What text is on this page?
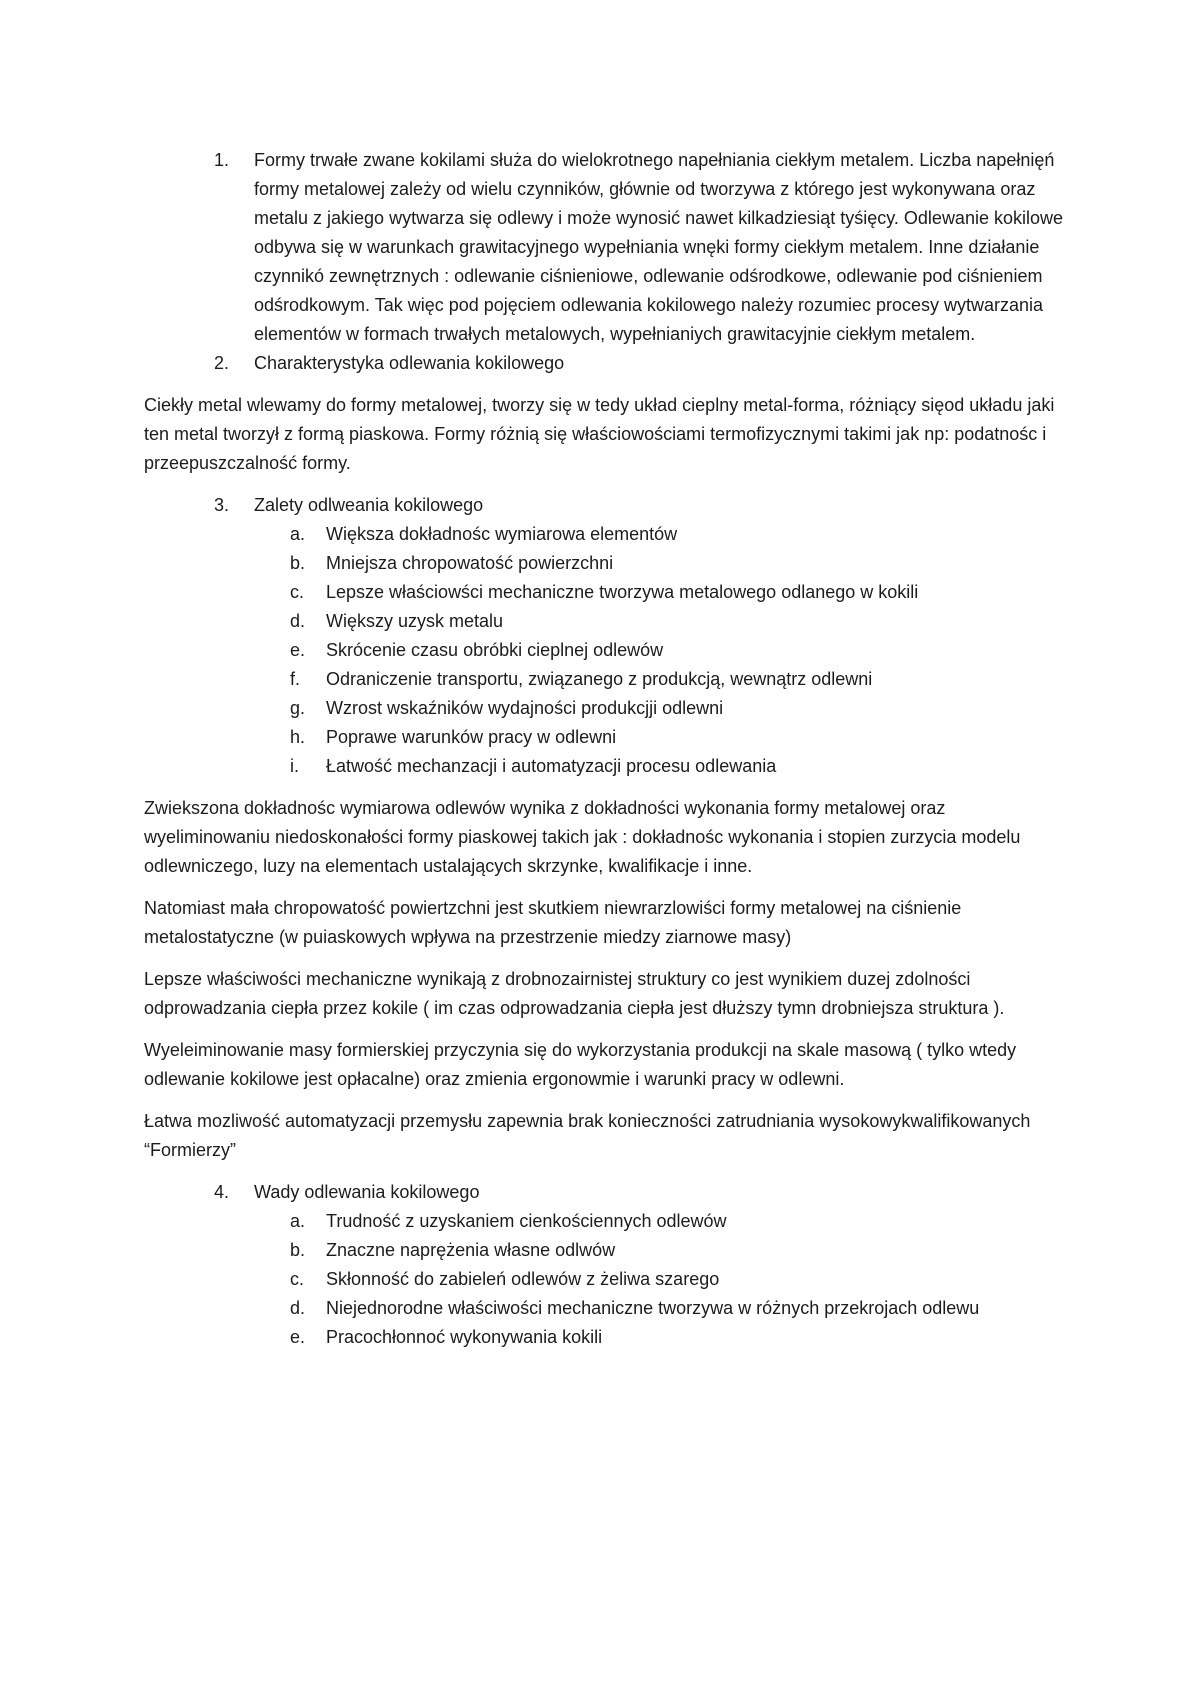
1. Formy trwałe zwane kokilami służa do wielokrotnego napełniania ciekłym metalem. Liczba napełnięń formy metalowej zależy od wielu czynników, głównie od tworzywa z którego jest wykonywana oraz metalu z jakiego wytwarza się odlewy i może wynosić nawet kilkadziesiąt tyśięcy. Odlewanie kokilowe odbywa się w warunkach grawitacyjnego wypełniania wnęki formy ciekłym metalem. Inne działanie czynnikó zewnętrznych : odlewanie ciśnieniowe, odlewanie odśrodkowe, odlewanie pod ciśnieniem odśrodkowym. Tak więc pod pojęciem odlewania kokilowego należy rozumiec procesy wytwarzania elementów w formach trwałych metalowych, wypełnianiych grawitacyjnie ciekłym metalem.
2. Charakterystyka odlewania kokilowego

Ciekły metal wlewamy do formy metalowej, tworzy się w tedy układ cieplny metal-forma, różniący sięod układu jaki ten metal tworzył z formą piaskowa. Formy różnią się właściowościami termofizycznymi takimi jak np: podatnośc i przeepuszczalność formy.

3. Zalety odlweania kokilowego
a. Większa dokładnośc wymiarowa elementów
b. Mniejsza chropowatość powierzchni
c. Lepsze właściowści mechaniczne tworzywa metalowego odlanego w kokili
d. Większy uzysk metalu
e. Skrócenie czasu obróbki cieplnej odlewów
f. Odraniczenie transportu, związanego z produkcją, wewnątrz odlewni
g. Wzrost wskaźników wydajności produkcjji odlewni
h. Poprawe warunków pracy w odlewni
i. Łatwość mechanzacji i automatyzacji procesu odlewania

Zwiekszona dokładnośc wymiarowa odlewów wynika z dokładności wykonania formy metalowej oraz wyeliminowaniu niedoskonałości formy piaskowej takich jak : dokładnośc wykonania i stopien zurzycia modelu odlewniczego, luzy na elementach ustalających skrzynke, kwalifikacje i inne.

Natomiast mała chropowatość powiertzchni jest skutkiem niewrarzlowiści formy metalowej na ciśnienie metalostatyczne (w puiaskowych wpływa na przestrzenie miedzy ziarnowe masy)

Lepsze właściwości mechaniczne wynikają z drobnozairnistej struktury co jest wynikiem duzej zdolności odprowadzania ciepła przez kokile ( im czas odprowadzania ciepła jest dłuższy tymn drobniejsza struktura ).

Wyeleiminowanie masy formierskiej przyczynia się do wykorzystania produkcji na skale masową ( tylko wtedy odlewanie kokilowe jest opłacalne) oraz zmienia ergonowmie i warunki pracy w odlewni.

Łatwa mozliwość automatyzacji przemysłu zapewnia brak konieczności zatrudniania wysokowykwalifikowanych “Formierzy”

4. Wady odlewania kokilowego
a. Trudność z uzyskaniem cienkościennych odlewów
b. Znaczne naprężenia własne odlwów
c. Skłonność do zabieleń odlewów z żeliwa szarego
d. Niejednorodne właściwości mechaniczne tworzywa w różnych przekrojach odlewu
e. Pracochłonnoć wykonywania kokili
